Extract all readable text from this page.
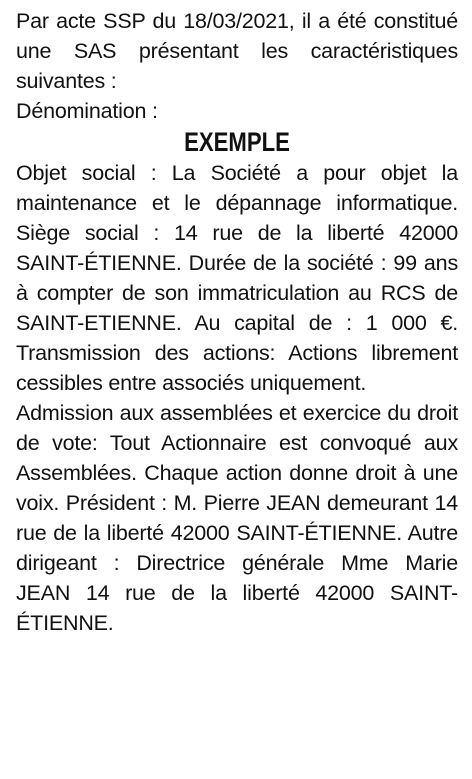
Par acte SSP du 18/03/2021, il a été constitué une SAS présentant les caractéristiques suivantes :

Dénomination :

EXEMPLE

Objet social : La Société a pour objet la maintenance et le dépannage informatique. Siège social : 14 rue de la liberté 42000 SAINT-ÉTIENNE. Durée de la société : 99 ans à compter de son immatriculation au RCS de SAINT-ETIENNE. Au capital de : 1 000 €. Transmission des actions: Actions librement cessibles entre associés uniquement.

Admission aux assemblées et exercice du droit de vote: Tout Actionnaire est convoqué aux Assemblées. Chaque action donne droit à une voix. Président : M. Pierre JEAN demeurant 14 rue de la liberté 42000 SAINT-ÉTIENNE. Autre dirigeant : Directrice générale Mme Marie JEAN 14 rue de la liberté 42000 SAINT-ÉTIENNE.
